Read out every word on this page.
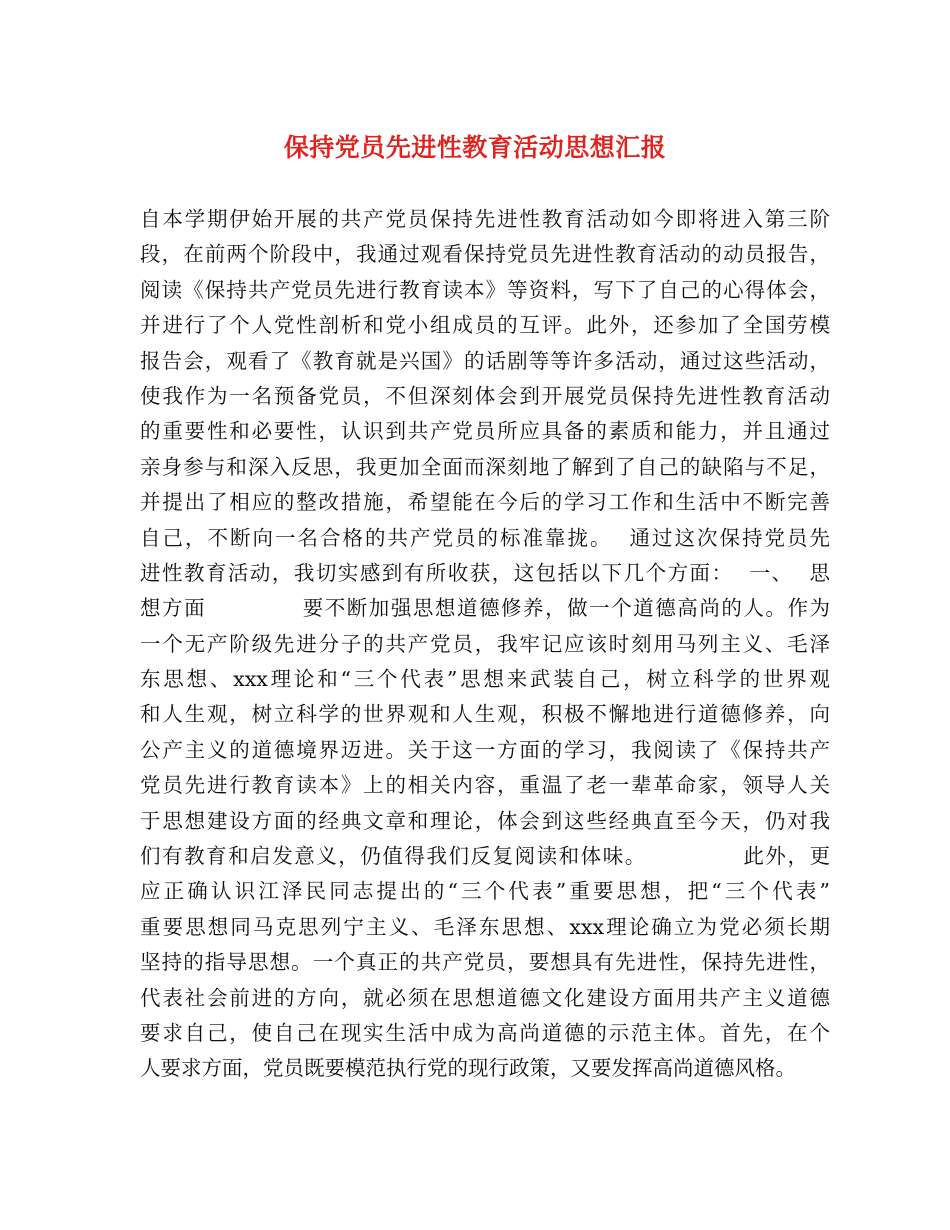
保持党员先进性教育活动思想汇报
自本学期伊始开展的共产党员保持先进性教育活动如今即将进入第三阶
段，在前两个阶段中，我通过观看保持党员先进性教育活动的动员报告，
阅读《保持共产党员先进行教育读本》等资料，写下了自己的心得体会，
并进行了个人党性剖析和党小组成员的互评。此外，还参加了全国劳模
报告会，观看了《教育就是兴国》的话剧等等许多活动，通过这些活动，
使我作为一名预备党员，不但深刻体会到开展党员保持先进性教育活动
的重要性和必要性，认识到共产党员所应具备的素质和能力，并且通过
亲身参与和深入反思，我更加全面而深刻地了解到了自己的缺陷与不足，
并提出了相应的整改措施，希望能在今后的学习工作和生活中不断完善
自己，不断向一名合格的共产党员的标准靠拢。  通过这次保持党员先
进性教育活动，我切实感到有所收获，这包括以下几个方面：  一、  思
想方面            要不断加强思想道德修养，做一个道德高尚的人。作为
一个无产阶级先进分子的共产党员，我牢记应该时刻用马列主义、毛泽
东思想、xxx理论和“三个代表”思想来武装自己，树立科学的世界观
和人生观，树立科学的世界观和人生观，积极不懈地进行道德修养，向
公产主义的道德境界迈进。关于这一方面的学习，我阅读了《保持共产
党员先进行教育读本》上的相关内容，重温了老一辈革命家，领导人关
于思想建设方面的经典文章和理论，体会到这些经典直至今天，仍对我
们有教育和启发意义，仍值得我们反复阅读和体味。            此外，更
应正确认识江泽民同志提出的“三个代表”重要思想，把“三个代表”
重要思想同马克思列宁主义、毛泽东思想、xxx理论确立为党必须长期
坚持的指导思想。一个真正的共产党员，要想具有先进性，保持先进性，
代表社会前进的方向，就必须在思想道德文化建设方面用共产主义道德
要求自己，使自己在现实生活中成为高尚道德的示范主体。首先，在个
人要求方面，党员既要模范执行党的现行政策，又要发挥高尚道德风格。
